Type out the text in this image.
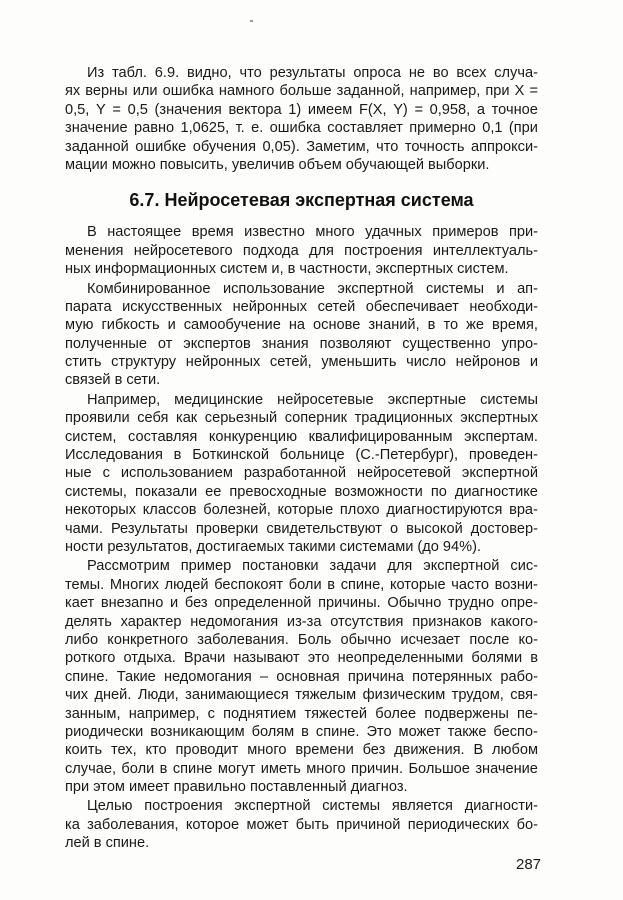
Из табл. 6.9. видно, что результаты опроса не во всех случа-
ях верны или ошибка намного больше заданной, например, при X =
0,5, Y = 0,5 (значения вектора 1) имеем F(X, Y) = 0,958, а точное
значение равно 1,0625, т. е. ошибка составляет примерно 0,1 (при
заданной ошибке обучения 0,05). Заметим, что точность аппрокси-
мации можно повысить, увеличив объем обучающей выборки.
6.7. Нейросетевая экспертная система
В настоящее время известно много удачных примеров при-
менения нейросетевого подхода для построения интеллектуаль-
ных информационных систем и, в частности, экспертных систем.
Комбинированное использование экспертной системы и ап-
парата искусственных нейронных сетей обеспечивает необходи-
мую гибкость и самообучение на основе знаний, в то же время,
полученные от экспертов знания позволяют существенно упро-
стить структуру нейронных сетей, уменьшить число нейронов и
связей в сети.
Например, медицинские нейросетевые экспертные системы
проявили себя как серьезный соперник традиционных экспертных
систем, составляя конкуренцию квалифицированным экспертам.
Исследования в Боткинской больнице (С.-Петербург), проведен-
ные с использованием разработанной нейросетевой экспертной
системы, показали ее превосходные возможности по диагностике
некоторых классов болезней, которые плохо диагностируются вра-
чами. Результаты проверки свидетельствуют о высокой достовер-
ности результатов, достигаемых такими системами (до 94%).
Рассмотрим пример постановки задачи для экспертной сис-
темы. Многих людей беспокоят боли в спине, которые часто возни-
кает внезапно и без определенной причины. Обычно трудно опре-
делять характер недомогания из-за отсутствия признаков какого-
либо конкретного заболевания. Боль обычно исчезает после ко-
роткого отдыха. Врачи называют это неопределенными болями в
спине. Такие недомогания – основная причина потерянных рабо-
чих дней. Люди, занимающиеся тяжелым физическим трудом, свя-
занным, например, с поднятием тяжестей более подвержены пе-
риодически возникающим болям в спине. Это может также беспо-
коить тех, кто проводит много времени без движения. В любом
случае, боли в спине могут иметь много причин. Большое значение
при этом имеет правильно поставленный диагноз.
Целью построения экспертной системы является диагности-
ка заболевания, которое может быть причиной периодических бо-
лей в спине.
287
